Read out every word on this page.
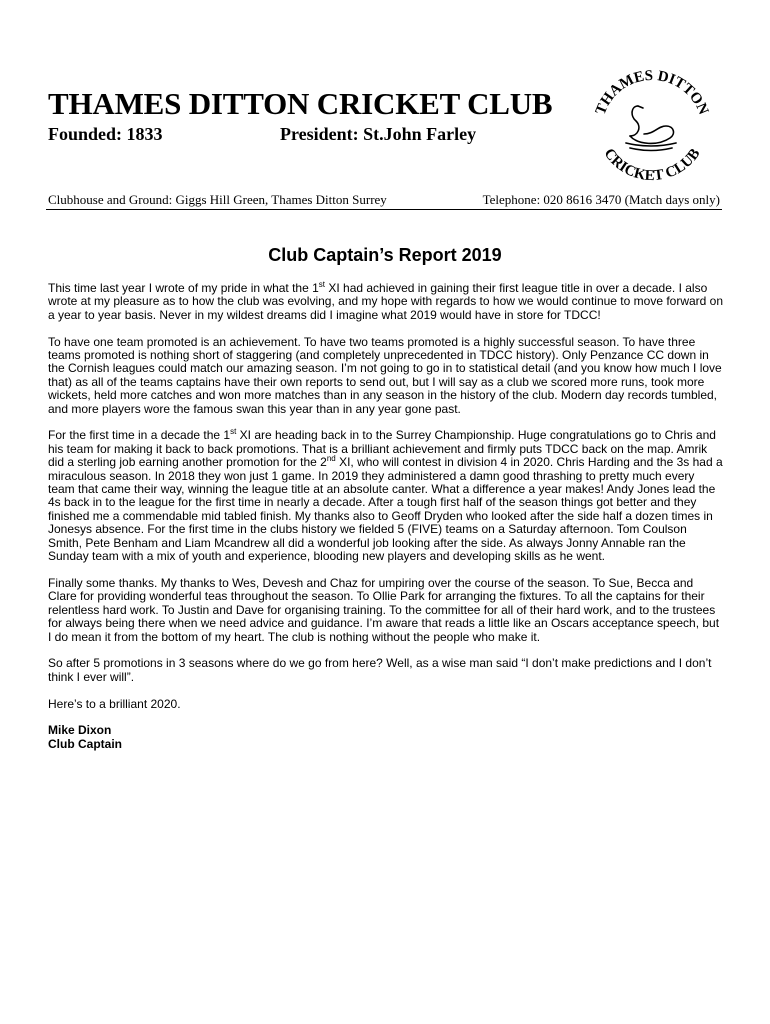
THAMES DITTON CRICKET CLUB
Founded: 1833	President: St.John Farley
THAMES DITTON
CRICKET CLUB
Clubhouse and Ground: Giggs Hill Green, Thames Ditton Surrey	Telephone: 020 8616 3470 (Match days only)
Club Captain’s Report 2019

This time last year I wrote of my pride in what the 1st XI had achieved in gaining their first league title in over a decade. I also wrote at my pleasure as to how the club was evolving, and my hope with regards to how we would continue to move forward on a year to year basis. Never in my wildest dreams did I imagine what 2019 would have in store for TDCC!

To have one team promoted is an achievement. To have two teams promoted is a highly successful season. To have three teams promoted is nothing short of staggering (and completely unprecedented in TDCC history). Only Penzance CC down in the Cornish leagues could match our amazing season. I’m not going to go in to statistical detail (and you know how much I love that) as all of the teams captains have their own reports to send out, but I will say as a club we scored more runs, took more wickets, held more catches and won more matches than in any season in the history of the club. Modern day records tumbled, and more players wore the famous swan this year than in any year gone past.

For the first time in a decade the 1st XI are heading back in to the Surrey Championship. Huge congratulations go to Chris and his team for making it back to back promotions. That is a brilliant achievement and firmly puts TDCC back on the map. Amrik did a sterling job earning another promotion for the 2nd XI, who will contest in division 4 in 2020. Chris Harding and the 3s had a miraculous season. In 2018 they won just 1 game. In 2019 they administered a damn good thrashing to pretty much every team that came their way, winning the league title at an absolute canter. What a difference a year makes! Andy Jones lead the 4s back in to the league for the first time in nearly a decade. After a tough first half of the season things got better and they finished me a commendable mid tabled finish. My thanks also to Geoff Dryden who looked after the side half a dozen times in Jonesys absence. For the first time in the clubs history we fielded 5 (FIVE) teams on a Saturday afternoon. Tom Coulson Smith, Pete Benham and Liam Mcandrew all did a wonderful job looking after the side. As always Jonny Annable ran the Sunday team with a mix of youth and experience, blooding new players and developing skills as he went.

Finally some thanks. My thanks to Wes, Devesh and Chaz for umpiring over the course of the season. To Sue, Becca and Clare for providing wonderful teas throughout the season. To Ollie Park for arranging the fixtures. To all the captains for their relentless hard work. To Justin and Dave for organising training. To the committee for all of their hard work, and to the trustees for always being there when we need advice and guidance. I’m aware that reads a little like an Oscars acceptance speech, but I do mean it from the bottom of my heart. The club is nothing without the people who make it.

So after 5 promotions in 3 seasons where do we go from here? Well, as a wise man said “I don’t make predictions and I don’t think I ever will”.

Here’s to a brilliant 2020.

Mike Dixon

Club Captain
